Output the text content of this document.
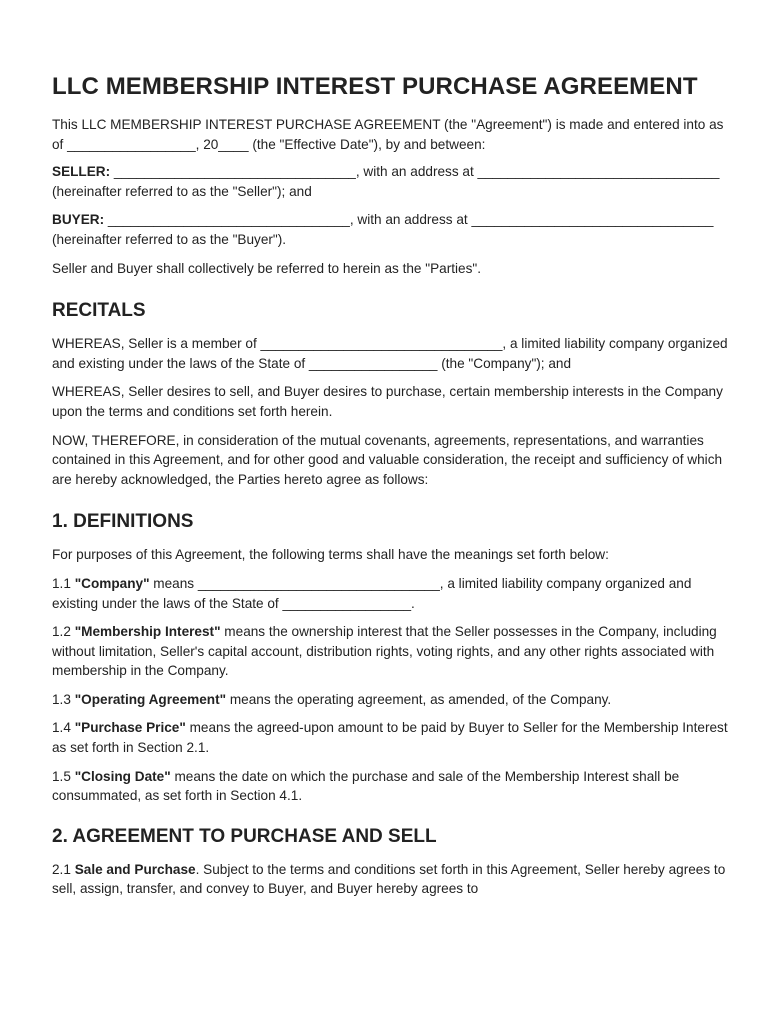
LLC MEMBERSHIP INTEREST PURCHASE AGREEMENT

This LLC MEMBERSHIP INTEREST PURCHASE AGREEMENT (the "Agreement") is made and entered into as of _________________, 20____ (the "Effective Date"), by and between:

SELLER: ________________________________, with an address at ________________________________ (hereinafter referred to as the "Seller"); and

BUYER: ________________________________, with an address at ________________________________ (hereinafter referred to as the "Buyer").

Seller and Buyer shall collectively be referred to herein as the "Parties".

RECITALS

WHEREAS, Seller is a member of ________________________________, a limited liability company organized and existing under the laws of the State of _________________ (the "Company"); and

WHEREAS, Seller desires to sell, and Buyer desires to purchase, certain membership interests in the Company upon the terms and conditions set forth herein.

NOW, THEREFORE, in consideration of the mutual covenants, agreements, representations, and warranties contained in this Agreement, and for other good and valuable consideration, the receipt and sufficiency of which are hereby acknowledged, the Parties hereto agree as follows:

1. DEFINITIONS

For purposes of this Agreement, the following terms shall have the meanings set forth below:

1.1 "Company" means ________________________________, a limited liability company organized and existing under the laws of the State of _________________.

1.2 "Membership Interest" means the ownership interest that the Seller possesses in the Company, including without limitation, Seller's capital account, distribution rights, voting rights, and any other rights associated with membership in the Company.

1.3 "Operating Agreement" means the operating agreement, as amended, of the Company.

1.4 "Purchase Price" means the agreed-upon amount to be paid by Buyer to Seller for the Membership Interest as set forth in Section 2.1.

1.5 "Closing Date" means the date on which the purchase and sale of the Membership Interest shall be consummated, as set forth in Section 4.1.

2. AGREEMENT TO PURCHASE AND SELL

2.1 Sale and Purchase. Subject to the terms and conditions set forth in this Agreement, Seller hereby agrees to sell, assign, transfer, and convey to Buyer, and Buyer hereby agrees to
